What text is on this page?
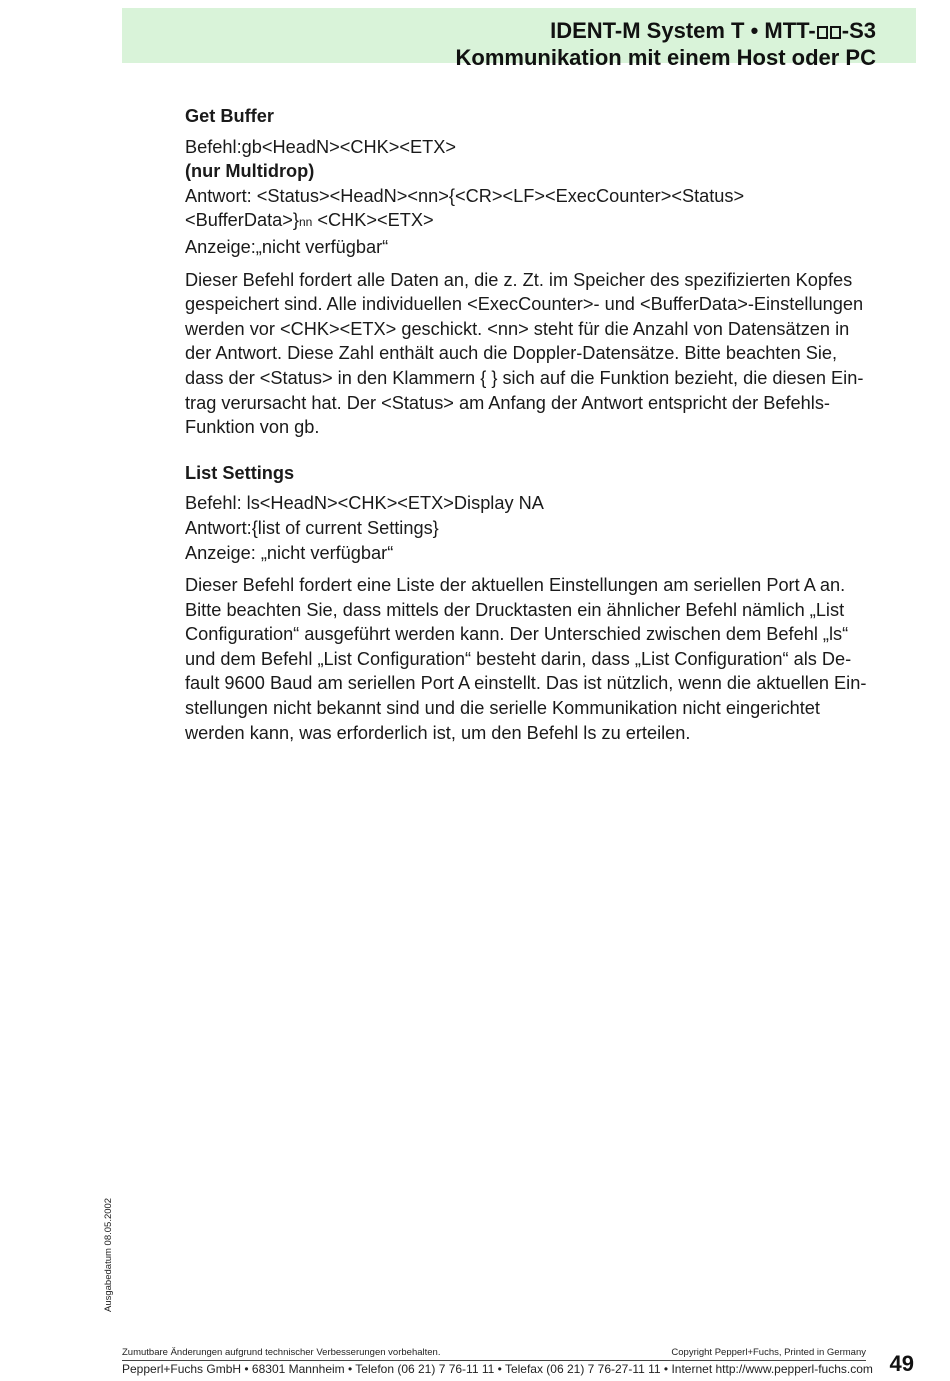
IDENT-M System T • MTT- -S3
Kommunikation mit einem Host oder PC
Get Buffer
Befehl:gb<HeadN><CHK><ETX>
(nur Multidrop)
Antwort: <Status><HeadN><nn>{<CR><LF><ExecCounter><Status>
<BufferData>}nn <CHK><ETX>
Anzeige:„nicht verfügbar“
Dieser Befehl fordert alle Daten an, die z. Zt. im Speicher des spezifizierten Kopfes
gespeichert sind. Alle individuellen <ExecCounter>- und <BufferData>-Einstellungen
werden vor <CHK><ETX> geschickt. <nn> steht für die Anzahl von Datensätzen in
der Antwort. Diese Zahl enthält auch die Doppler-Datensätze. Bitte beachten Sie,
dass der <Status> in den Klammern { } sich auf die Funktion bezieht, die diesen Ein-
trag verursacht hat. Der <Status> am Anfang der Antwort entspricht der Befehls-
Funktion von gb.
List Settings
Befehl: ls<HeadN><CHK><ETX>Display NA
Antwort:{list of current Settings}
Anzeige: „nicht verfügbar“
Dieser Befehl fordert eine Liste der aktuellen Einstellungen am seriellen Port A an.
Bitte beachten Sie, dass mittels der Drucktasten ein ähnlicher Befehl nämlich „List
Configuration“ ausgeführt werden kann. Der Unterschied zwischen dem Befehl „ls“
und dem Befehl „List Configuration“ besteht darin, dass „List Configuration“ als De-
fault 9600 Baud am seriellen Port A einstellt. Das ist nützlich, wenn die aktuellen Ein-
stellungen nicht bekannt sind und die serielle Kommunikation nicht eingerichtet
werden kann, was erforderlich ist, um den Befehl ls zu erteilen.
Ausgabedatum 08.05.2002
Zumutbare Änderungen aufgrund technischer Verbesserungen vorbehalten.	Copyright Pepperl+Fuchs, Printed in Germany
Pepperl+Fuchs GmbH • 68301 Mannheim • Telefon (06 21) 7 76-11 11 • Telefax (06 21) 7 76-27-11 11 • Internet http://www.pepperl-fuchs.com 49
